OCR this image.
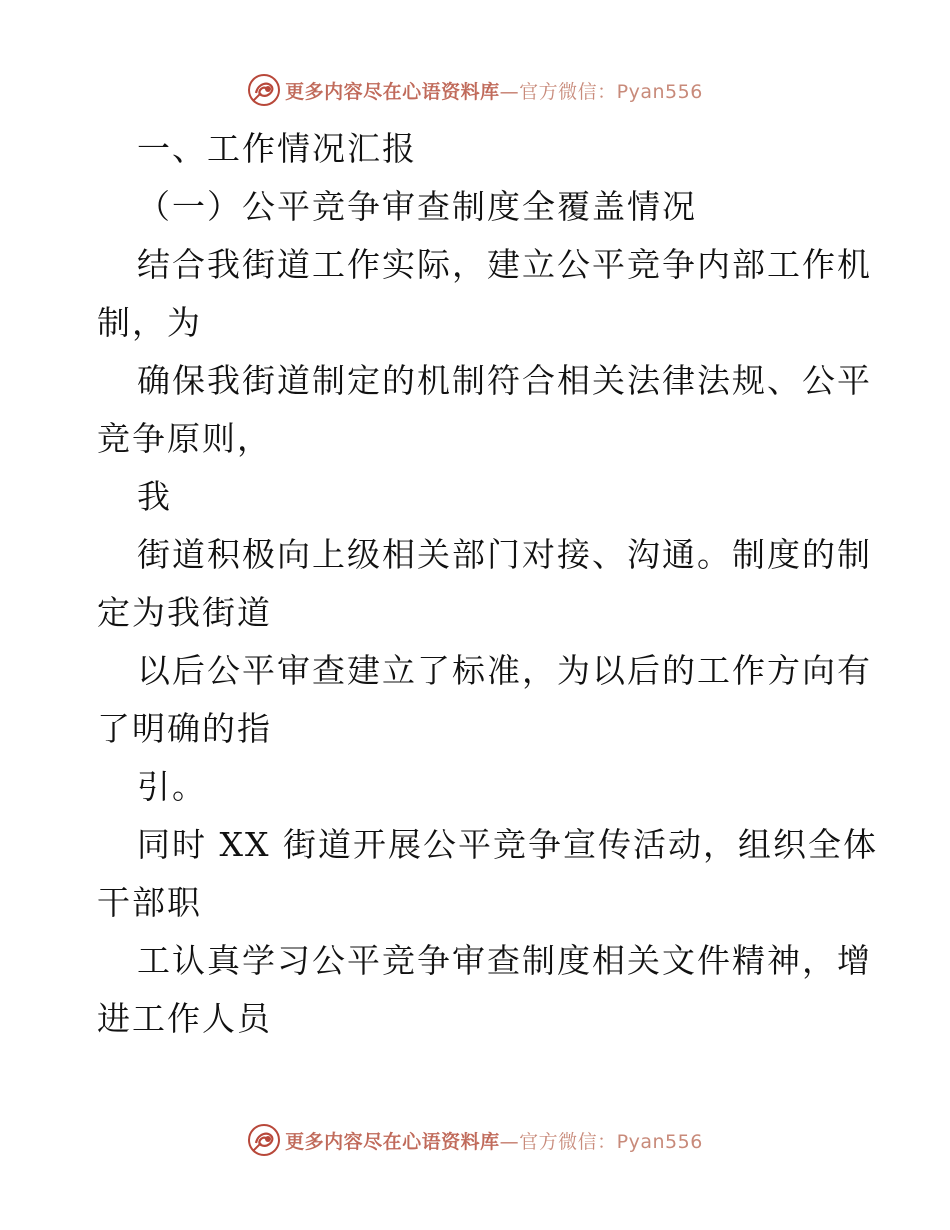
更多内容尽在心语资料库—官方微信：Pyan556
一、工作情况汇报
（一）公平竞争审查制度全覆盖情况
结合我街道工作实际，建立公平竞争内部工作机
制，为
确保我街道制定的机制符合相关法律法规、公平
竞争原则，
我
街道积极向上级相关部门对接、沟通。制度的制
定为我街道
以后公平审查建立了标准，为以后的工作方向有
了明确的指
引。
同时 XX 街道开展公平竞争宣传活动，组织全体
干部职
工认真学习公平竞争审查制度相关文件精神，增
进工作人员
更多内容尽在心语资料库—官方微信：Pyan556
